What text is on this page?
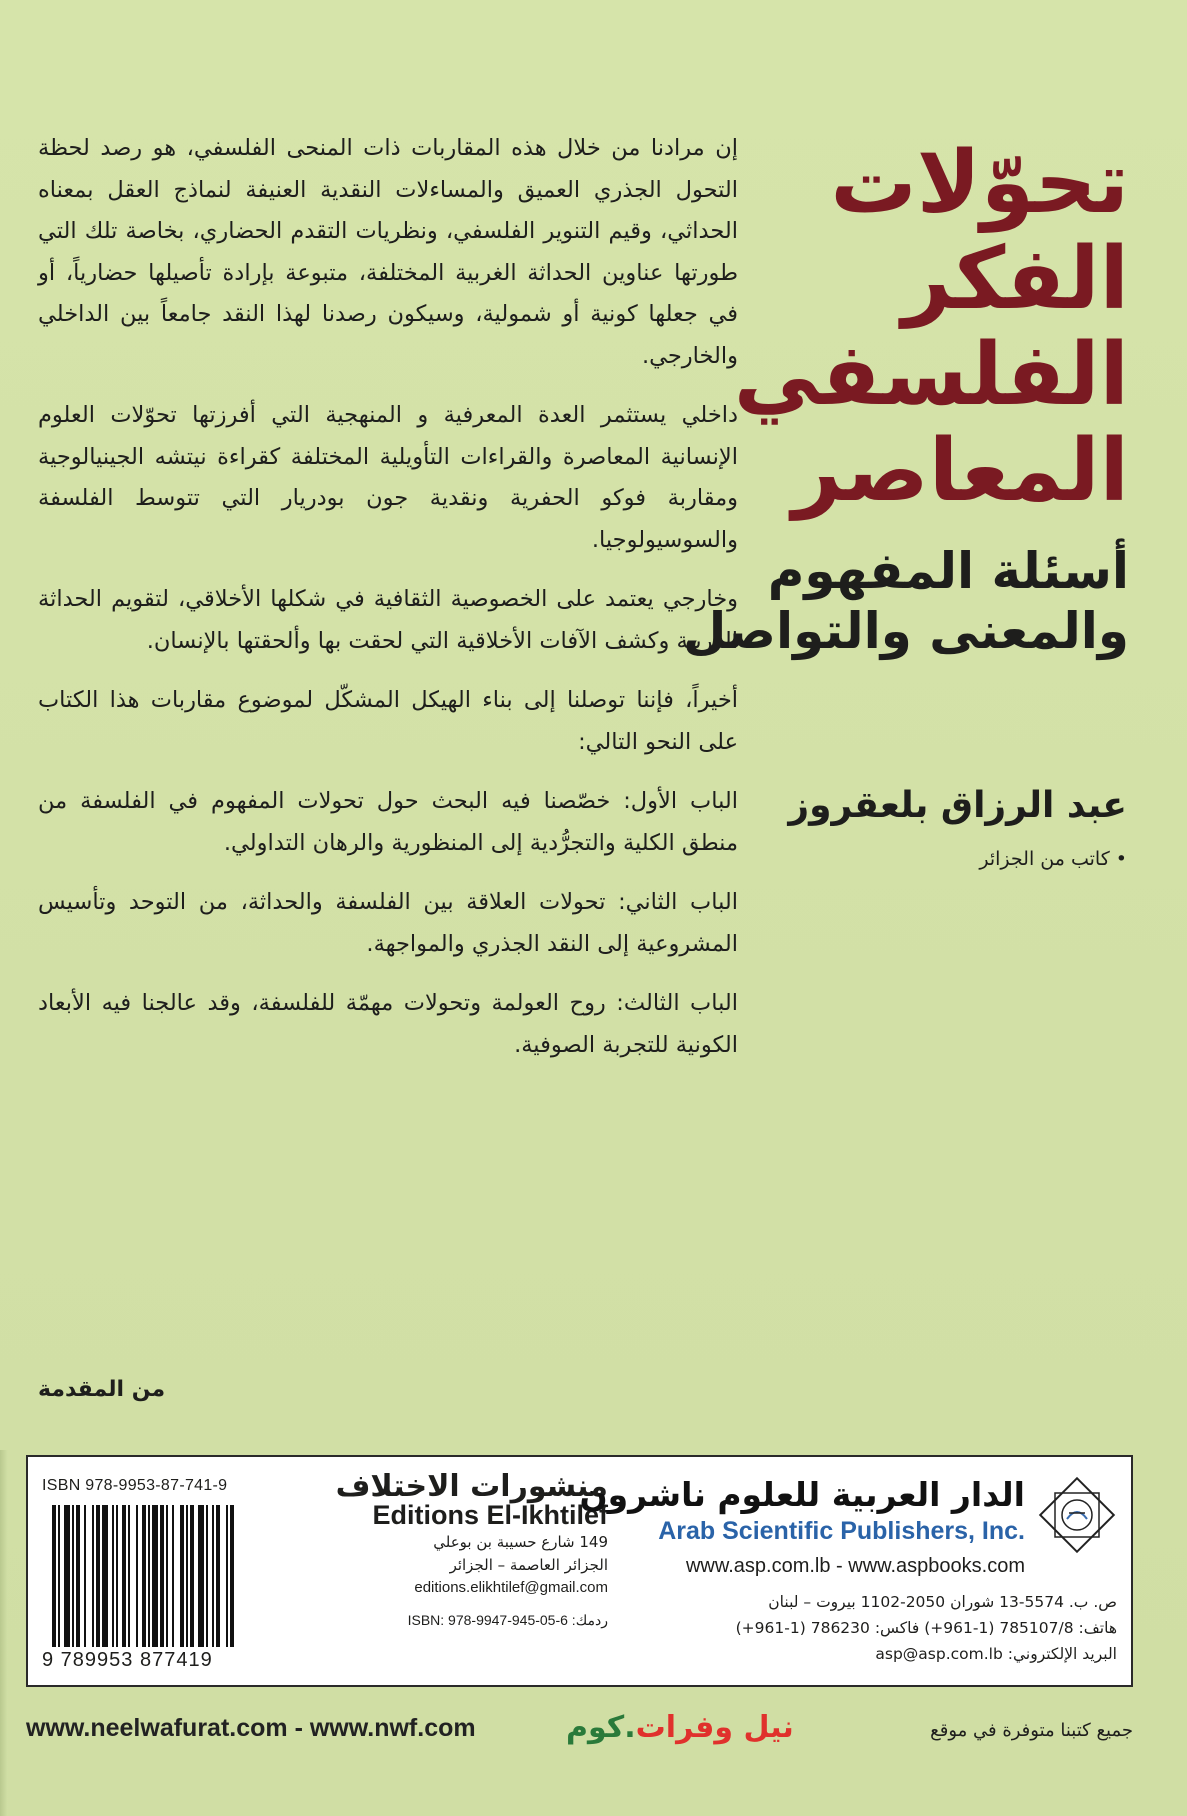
تحوّلات
الفكر
الفلسفي
المعاصر
أسئلة المفهوم
والمعنى والتواصل
عبد الرزاق بلعقروز
• كاتب من الجزائر

إن مرادنا من خلال هذه المقاربات ذات المنحى الفلسفي، هو رصد لحظة التحول الجذري العميق والمساءلات النقدية العنيفة لنماذج العقل بمعناه الحداثي، وقيم التنوير الفلسفي، ونظريات التقدم الحضاري، بخاصة تلك التي طورتها عناوين الحداثة الغربية المختلفة، متبوعة بإرادة تأصيلها حضارياً، أو في جعلها كونية أو شمولية، وسيكون رصدنا لهذا النقد جامعاً بين الداخلي والخارجي.

داخلي يستثمر العدة المعرفية و المنهجية التي أفرزتها تحوّلات العلوم الإنسانية المعاصرة والقراءات التأويلية المختلفة كقراءة نيتشه الجينيالوجية ومقاربة فوكو الحفرية ونقدية جون بودريار التي تتوسط الفلسفة والسوسيولوجيا.

وخارجي يعتمد على الخصوصية الثقافية في شكلها الأخلاقي، لتقويم الحداثة الغربية وكشف الآفات الأخلاقية التي لحقت بها وألحقتها بالإنسان.

أخيراً، فإننا توصلنا إلى بناء الهيكل المشكّل لموضوع مقاربات هذا الكتاب على النحو التالي:

الباب الأول: خصّصنا فيه البحث حول تحولات المفهوم في الفلسفة من منطق الكلية والتجرُّدية إلى المنظورية والرهان التداولي.

الباب الثاني: تحولات العلاقة بين الفلسفة والحداثة، من التوحد وتأسيس المشروعية إلى النقد الجذري والمواجهة.

الباب الثالث: روح العولمة وتحولات مهمّة للفلسفة، وقد عالجنا فيه الأبعاد الكونية للتجربة الصوفية.

من المقدمة
ISBN 978-9953-87-741-9
9 789953 877419
منشورات الاختلاف
Editions El-Ikhtilef
149 شارع حسيبة بن بوعلي
الجزائر العاصمة – الجزائر
editions.elikhtilef@gmail.com
ردمك: ISBN: 978-9947-945-05-6
الدار العربية للعلوم ناشرون
Arab Scientific Publishers, Inc.
www.asp.com.lb - www.aspbooks.com
ص. ب. 5574-13 شوران 2050-1102 بيروت – لبنان
هاتف: 785107/8 (1-961+) فاكس: 786230 (1-961+)
البريد الإلكتروني: asp@asp.com.lb
www.neelwafurat.com - www.nwf.com	نيل وفرات.كوم	جميع كتبنا متوفرة في موقع
